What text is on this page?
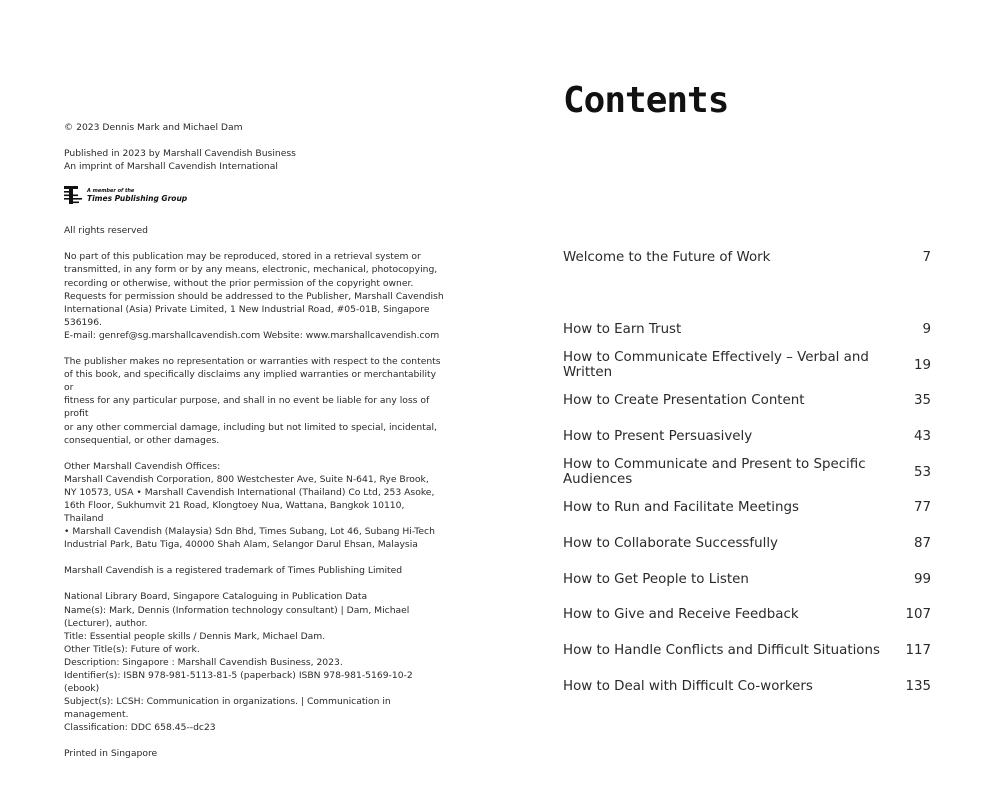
© 2023 Dennis Mark and Michael Dam

Published in 2023 by Marshall Cavendish Business

An imprint of Marshall Cavendish International

A member of the
Times Publishing Group

All rights reserved

No part of this publication may be reproduced, stored in a retrieval system or

transmitted, in any form or by any means, electronic, mechanical, photocopying,

recording or otherwise, without the prior permission of the copyright owner.

Requests for permission should be addressed to the Publisher, Marshall Cavendish

International (Asia) Private Limited, 1 New Industrial Road, #05-01B, Singapore 536196.

E-mail: genref@sg.marshallcavendish.com Website: www.marshallcavendish.com

The publisher makes no representation or warranties with respect to the contents

of this book, and specifically disclaims any implied warranties or merchantability or

fitness for any particular purpose, and shall in no event be liable for any loss of profit

or any other commercial damage, including but not limited to special, incidental,

consequential, or other damages.

Other Marshall Cavendish Offices:

Marshall Cavendish Corporation, 800 Westchester Ave, Suite N-641, Rye Brook,

NY 10573, USA • Marshall Cavendish International (Thailand) Co Ltd, 253 Asoke,

16th Floor, Sukhumvit 21 Road, Klongtoey Nua, Wattana, Bangkok 10110, Thailand

• Marshall Cavendish (Malaysia) Sdn Bhd, Times Subang, Lot 46, Subang Hi-Tech

Industrial Park, Batu Tiga, 40000 Shah Alam, Selangor Darul Ehsan, Malaysia

Marshall Cavendish is a registered trademark of Times Publishing Limited

National Library Board, Singapore Cataloguing in Publication Data

Name(s): Mark, Dennis (Information technology consultant) | Dam, Michael

(Lecturer), author.

Title: Essential people skills / Dennis Mark, Michael Dam.

Other Title(s): Future of work.

Description: Singapore : Marshall Cavendish Business, 2023.

Identifier(s): ISBN 978-981-5113-81-5 (paperback) ISBN 978-981-5169-10-2 (ebook)

Subject(s): LCSH: Communication in organizations. | Communication in management.

Classification: DDC 658.45--dc23

Printed in Singapore

Contents
Welcome to the Future of Work	7
How to Earn Trust	9
How to Communicate Effectively – Verbal and Written	19
How to Create Presentation Content	35
How to Present Persuasively	43
How to Communicate and Present to Specific Audiences	53
How to Run and Facilitate Meetings	77
How to Collaborate Successfully	87
How to Get People to Listen	99
How to Give and Receive Feedback	107
How to Handle Conflicts and Difficult Situations 117
How to Deal with Difficult Co-workers	135
